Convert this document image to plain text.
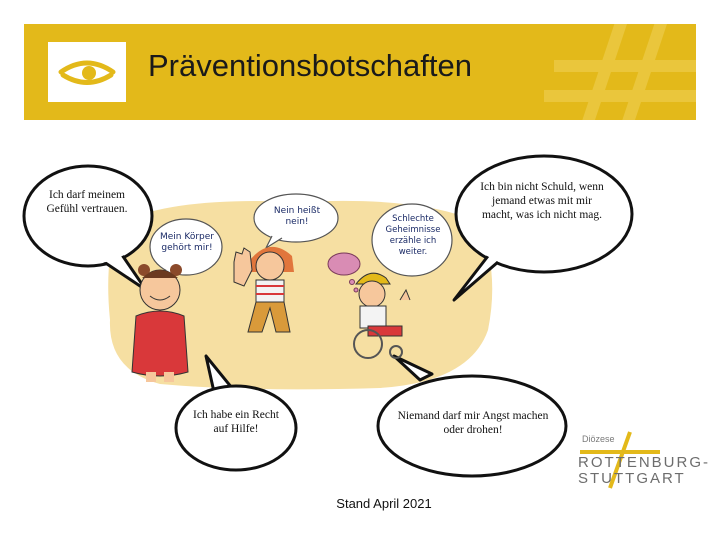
Präventionsbotschaften
Mein Körper gehört mir!
Nein heißt nein!	Schlechte Geheimnisse erzähle ich weiter.
Ich darf meinem Gefühl vertrauen.
Ich bin nicht Schuld, wenn jemand etwas mit mir macht, was ich nicht mag.
Ich habe ein Recht auf Hilfe!
Niemand darf mir Angst machen oder drohen!
Diözese
ROTTENBURG-
STUTTGART
Stand April 2021
